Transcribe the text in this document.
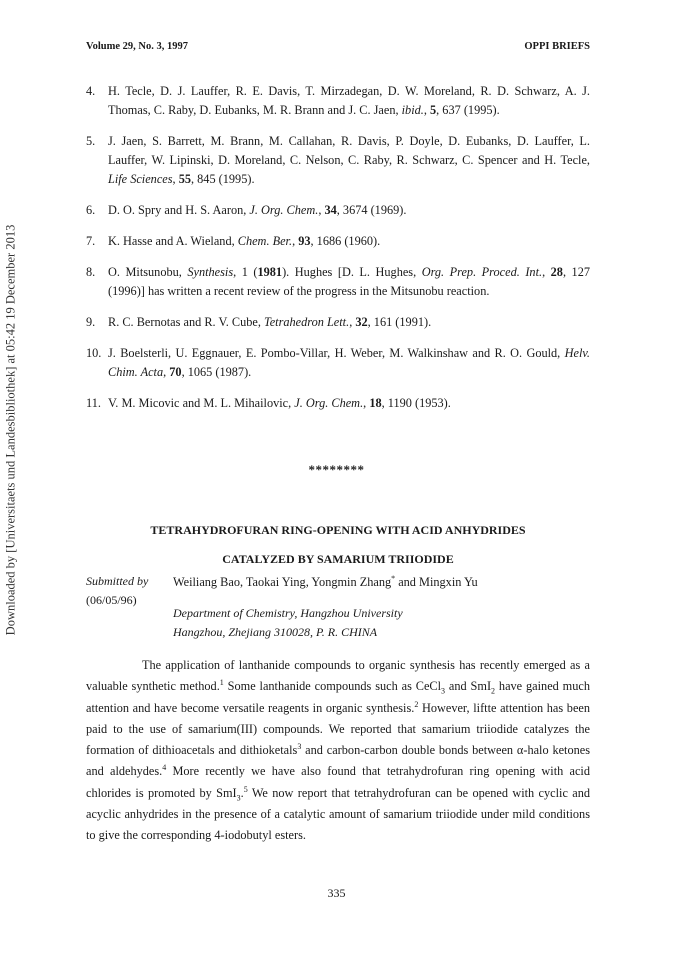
Volume 29, No. 3, 1997	OPPI BRIEFS
Downloaded by [Universitaets und Landesbibliothek] at 05:42 19 December 2013
4. H. Tecle, D. J. Lauffer, R. E. Davis, T. Mirzadegan, D. W. Moreland, R. D. Schwarz, A. J. Thomas, C. Raby, D. Eubanks, M. R. Brann and J. C. Jaen, ibid., 5, 637 (1995).
5. J. Jaen, S. Barrett, M. Brann, M. Callahan, R. Davis, P. Doyle, D. Eubanks, D. Lauffer, L. Lauffer, W. Lipinski, D. Moreland, C. Nelson, C. Raby, R. Schwarz, C. Spencer and H. Tecle, Life Sciences, 55, 845 (1995).
6. D. O. Spry and H. S. Aaron, J. Org. Chem., 34, 3674 (1969).
7. K. Hasse and A. Wieland, Chem. Ber., 93, 1686 (1960).
8. O. Mitsunobu, Synthesis, 1 (1981). Hughes [D. L. Hughes, Org. Prep. Proced. Int., 28, 127 (1996)] has written a recent review of the progress in the Mitsunobu reaction.
9. R. C. Bernotas and R. V. Cube, Tetrahedron Lett., 32, 161 (1991).
10. J. Boelsterli, U. Eggnauer, E. Pombo-Villar, H. Weber, M. Walkinshaw and R. O. Gould, Helv. Chim. Acta, 70, 1065 (1987).
11. V. M. Micovic and M. L. Mihailovic, J. Org. Chem., 18, 1190 (1953).
********
TETRAHYDROFURAN RING-OPENING WITH ACID ANHYDRIDES
CATALYZED BY SAMARIUM TRIIODIDE
Submitted by
(06/05/96)
Weiliang Bao, Taokai Ying, Yongmin Zhang* and Mingxin Yu
Department of Chemistry, Hangzhou University
Hangzhou, Zhejiang 310028, P. R. CHINA

The application of lanthanide compounds to organic synthesis has recently emerged as a valuable synthetic method.$^1$ Some lanthanide compounds such as CeCl$_3$ and SmI$_2$ have gained much attention and have become versatile reagents in organic synthesis.$^2$ However, liftte attention has been paid to the use of samarium(III) compounds. We reported that samarium triiodide catalyzes the formation of dithioacetals and dithioketals$^3$ and carbon-carbon double bonds between α-halo ketones and aldehydes.$^4$ More recently we have also found that tetrahydrofuran ring opening with acid chlorides is promoted by SmI$_3$.$^5$ We now report that tetrahydrofuran can be opened with cyclic and acyclic anhydrides in the presence of a catalytic amount of samarium triiodide under mild conditions to give the corresponding 4-iodobutyl esters.

335
